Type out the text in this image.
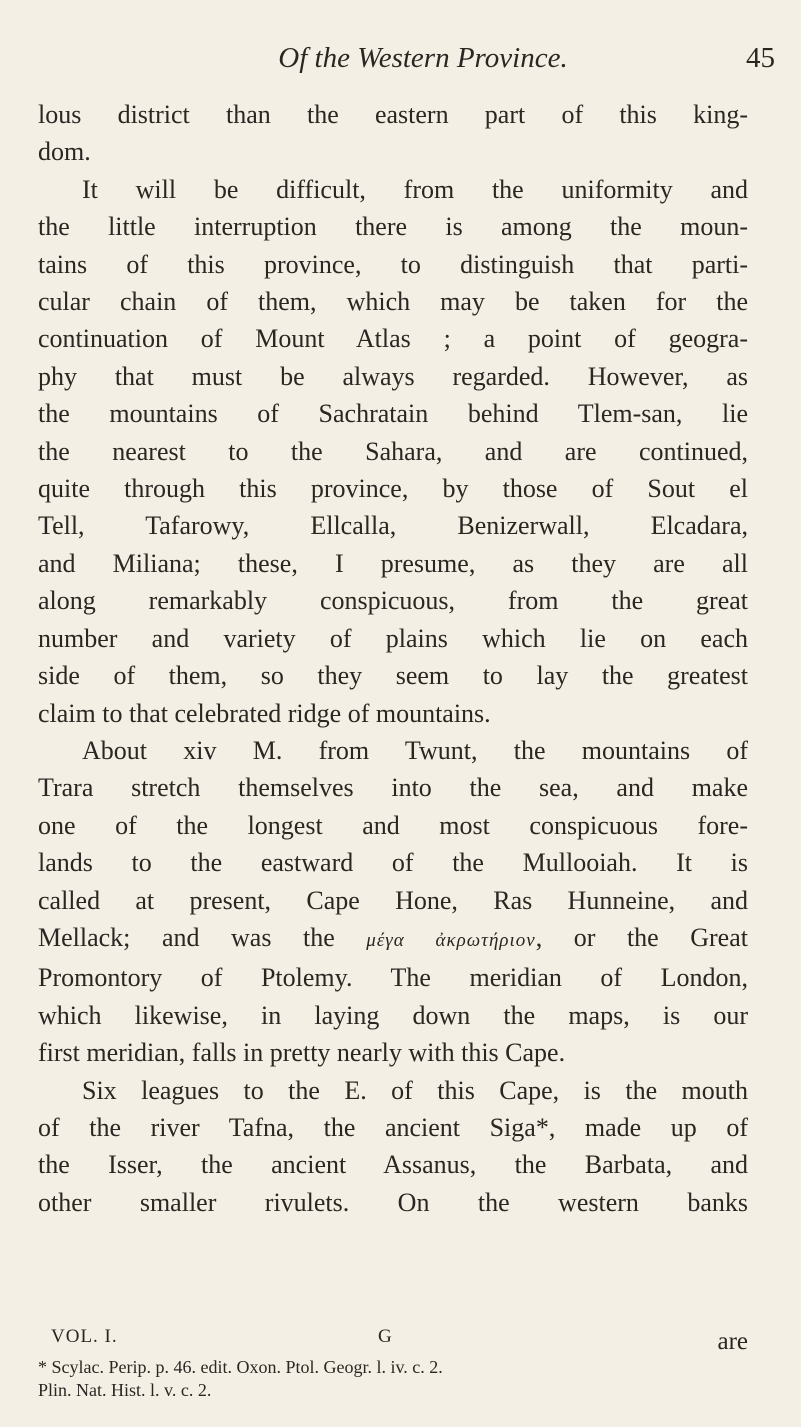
Of the Western Province.	45
lous district than the eastern part of this king-
dom.
It will be difficult, from the uniformity and
the little interruption there is among the moun-
tains of this province, to distinguish that parti-
cular chain of them, which may be taken for the
continuation of Mount Atlas ; a point of geogra-
phy that must be always regarded. However, as
the mountains of Sachratain behind Tlem-san, lie
the nearest to the Sahara, and are continued,
quite through this province, by those of Sout el
Tell, Tafarowy, Ellcalla, Benizerwall, Elcadara,
and Miliana; these, I presume, as they are all
along remarkably conspicuous, from the great
number and variety of plains which lie on each
side of them, so they seem to lay the greatest
claim to that celebrated ridge of mountains.
About xiv M. from Twunt, the mountains of
Trara stretch themselves into the sea, and make
one of the longest and most conspicuous fore-
lands to the eastward of the Mullooiah. It is
called at present, Cape Hone, Ras Hunneine, and
Mellack; and was the μέγα ἀκρωτήριον, or the Great
Promontory of Ptolemy. The meridian of London,
which likewise, in laying down the maps, is our
first meridian, falls in pretty nearly with this Cape.
Six leagues to the E. of this Cape, is the mouth
of the river Tafna, the ancient Siga*, made up of
the Isser, the ancient Assanus, the Barbata, and
other smaller rivulets. On the western banks
VOL. I.	G	are
* Scylac. Perip. p. 46. edit. Oxon. Ptol. Geogr. l. iv. c. 2.
Plin. Nat. Hist. l. v. c. 2.
